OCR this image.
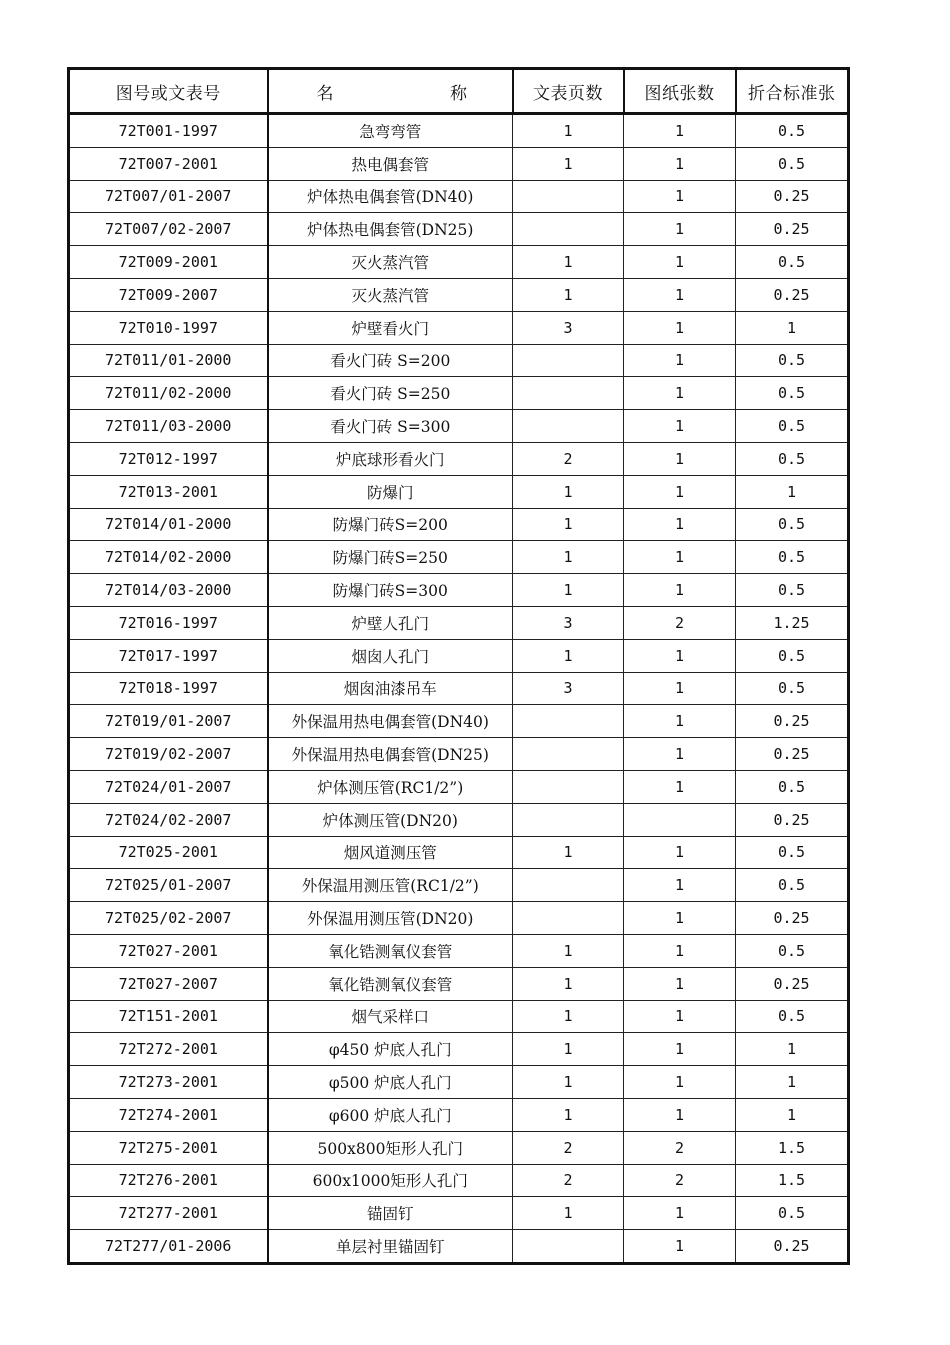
图号或文表号	名 称	文表页数	图纸张数	折合标准张
72T001-1997	急弯弯管	1	1	0.5
72T007-2001	热电偶套管	1	1	0.5
72T007/01-2007	炉体热电偶套管(DN40)		1	0.25
72T007/02-2007	炉体热电偶套管(DN25)		1	0.25
72T009-2001	灭火蒸汽管	1	1	0.5
72T009-2007	灭火蒸汽管	1	1	0.25
72T010-1997	炉壁看火门	3	1	1
72T011/01-2000	看火门砖 S=200		1	0.5
72T011/02-2000	看火门砖 S=250		1	0.5
72T011/03-2000	看火门砖 S=300		1	0.5
72T012-1997	炉底球形看火门	2	1	0.5
72T013-2001	防爆门	1	1	1
72T014/01-2000	防爆门砖S=200	1	1	0.5
72T014/02-2000	防爆门砖S=250	1	1	0.5
72T014/03-2000	防爆门砖S=300	1	1	0.5
72T016-1997	炉壁人孔门	3	2	1.25
72T017-1997	烟囱人孔门	1	1	0.5
72T018-1997	烟囱油漆吊车	3	1	0.5
72T019/01-2007	外保温用热电偶套管(DN40)		1	0.25
72T019/02-2007	外保温用热电偶套管(DN25)		1	0.25
72T024/01-2007	炉体测压管(RC1/2”)		1	0.5
72T024/02-2007	炉体测压管(DN20)			0.25
72T025-2001	烟风道测压管	1	1	0.5
72T025/01-2007	外保温用测压管(RC1/2”)		1	0.5
72T025/02-2007	外保温用测压管(DN20)		1	0.25
72T027-2001	氧化锆测氧仪套管	1	1	0.5
72T027-2007	氧化锆测氧仪套管	1	1	0.25
72T151-2001	烟气采样口	1	1	0.5
72T272-2001	φ450 炉底人孔门	1	1	1
72T273-2001	φ500 炉底人孔门	1	1	1
72T274-2001	φ600 炉底人孔门	1	1	1
72T275-2001	500x800矩形人孔门	2	2	1.5
72T276-2001	600x1000矩形人孔门	2	2	1.5
72T277-2001	锚固钉	1	1	0.5
72T277/01-2006	单层衬里锚固钉		1	0.25
